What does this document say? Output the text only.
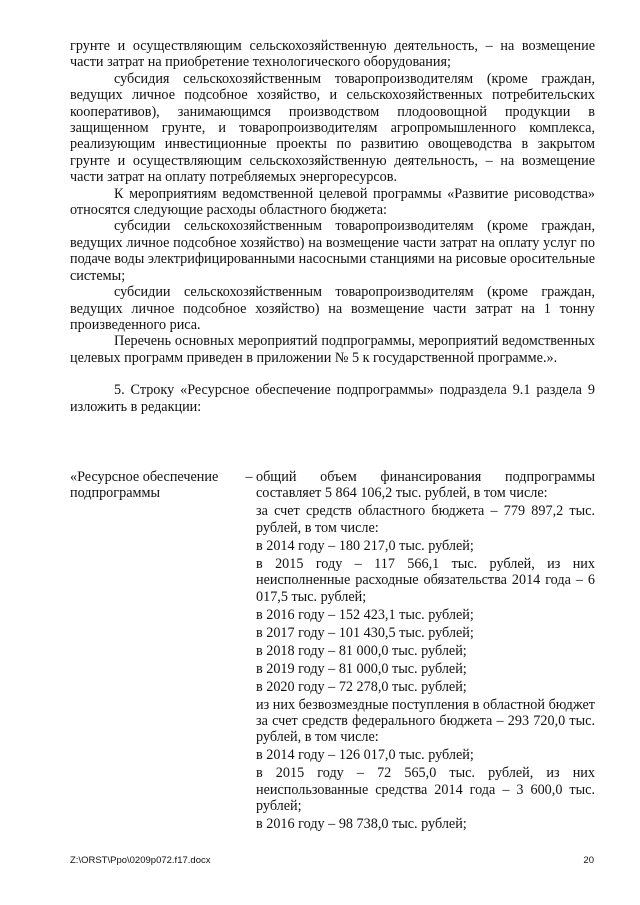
грунте и осуществляющим сельскохозяйственную деятельность, – на возмещение части затрат на приобретение технологического оборудования;

субсидия сельскохозяйственным товаропроизводителям (кроме граждан, ведущих личное подсобное хозяйство, и сельскохозяйственных потребительских кооперативов), занимающимся производством плодоовощной продукции в защищенном грунте, и товаропроизводителям агропромышленного комплекса, реализующим инвестиционные проекты по развитию овощеводства в закрытом грунте и осуществляющим сельскохозяйственную деятельность, – на возмещение части затрат на оплату потребляемых энергоресурсов.

К мероприятиям ведомственной целевой программы «Развитие рисоводства» относятся следующие расходы областного бюджета:

субсидии сельскохозяйственным товаропроизводителям (кроме граждан, ведущих личное подсобное хозяйство) на возмещение части затрат на оплату услуг по подаче воды электрифицированными насосными станциями на рисовые оросительные системы;

субсидии сельскохозяйственным товаропроизводителям (кроме граждан, ведущих личное подсобное хозяйство) на возмещение части затрат на 1 тонну произведенного риса.

Перечень основных мероприятий подпрограммы, мероприятий ведомственных целевых программ приведен в приложении № 5 к государственной программе.».

5. Строку «Ресурсное обеспечение подпрограммы» подраздела 9.1 раздела 9 изложить в редакции:

«Ресурсное обеспечение подпрограммы
– общий объем финансирования подпрограммы составляет 5 864 106,2 тыс. рублей, в том числе:

за счет средств областного бюджета – 779 897,2 тыс. рублей, в том числе:

в 2014 году – 180 217,0 тыс. рублей;

в 2015 году – 117 566,1 тыс. рублей, из них неисполненные расходные обязательства 2014 года – 6 017,5 тыс. рублей;

в 2016 году – 152 423,1 тыс. рублей;

в 2017 году – 101 430,5 тыс. рублей;

в 2018 году – 81 000,0 тыс. рублей;

в 2019 году – 81 000,0 тыс. рублей;

в 2020 году – 72 278,0 тыс. рублей;

из них безвозмездные поступления в областной бюджет за счет средств федерального бюджета – 293 720,0 тыс. рублей, в том числе:

в 2014 году – 126 017,0 тыс. рублей;

в 2015 году – 72 565,0 тыс. рублей, из них неиспользованные средства 2014 года – 3 600,0 тыс. рублей;

в 2016 году – 98 738,0 тыс. рублей;

Z:\ORST\Ppo\0209p072.f17.docx	20
